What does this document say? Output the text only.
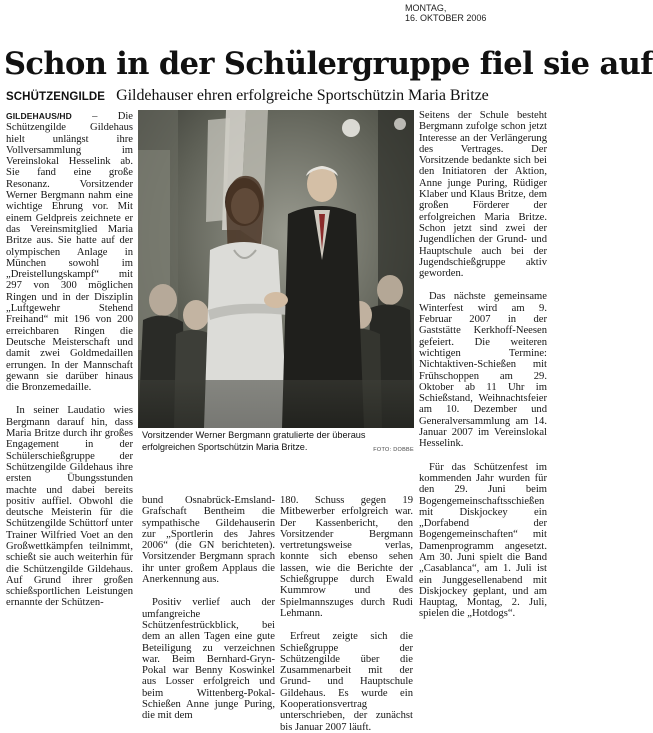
MONTAG,
16. OKTOBER 2006
Schon in der Schülergruppe fiel sie auf
SCHÜTZENGILDE Gildehauser ehren erfolgreiche Sportschützin Maria Britze

GILDEHAUS/HD – Die Schützengilde Gildehaus hielt unlängst ihre Vollversammlung im Vereinslokal Hesselink ab. Sie fand eine große Resonanz. Vorsitzender Werner Bergmann nahm eine wichtige Ehrung vor. Mit einem Geldpreis zeichnete er das Vereinsmitglied Maria Britze aus. Sie hatte auf der olympischen Anlage in München sowohl im „Dreistellungskampf“ mit 297 von 300 möglichen Ringen und in der Disziplin „Luftgewehr Stehend Freihand“ mit 196 von 200 erreichbaren Ringen die Deutsche Meisterschaft und damit zwei Goldmedaillen errungen. In der Mannschaft gewann sie darüber hinaus die Bronzemedaille.

In seiner Laudatio wies Bergmann darauf hin, dass Maria Britze durch ihr großes Engagement in der Schülerschießgruppe der Schützengilde Gildehaus ihre ersten Übungsstunden machte und dabei bereits positiv auffiel. Obwohl die deutsche Meisterin für die Schützengilde Schüttorf unter Trainer Wilfried Voet an den Großwettkämpfen teilnimmt, schießt sie auch weiterhin für die Schützengilde Gildehaus. Auf Grund ihrer großen schießsportlichen Leistungen ernannte der Schützen-

Vorsitzender Werner Bergmann gratulierte der überaus erfolgreichen Sportschützin Maria Britze.	FOTO: DOBBE

bund Osnabrück-Emsland-Grafschaft Bentheim die sympathische Gildehauserin zur „Sportlerin des Jahres 2006“ (die GN berichteten). Vorsitzender Bergmann sprach ihr unter großem Applaus die Anerkennung aus.

Positiv verlief auch der umfangreiche Schützenfestrückblick, bei dem an allen Tagen eine gute Beteiligung zu verzeichnen war. Beim Bernhard-Gryn-Pokal war Benny Koswinkel aus Losser erfolgreich und beim Wittenberg-Pokal-Schießen Anne junge Puring, die mit dem

180. Schuss gegen 19 Mitbewerber erfolgreich war. Der Kassenbericht, den Vorsitzender Bergmann vertretungsweise verlas, konnte sich ebenso sehen lassen, wie die Berichte der Schießgruppe durch Ewald Kummrow und des Spielmannszuges durch Rudi Lehmann.

Erfreut zeigte sich die Schießgruppe der Schützengilde über die Zusammenarbeit mit der Grund- und Hauptschule Gildehaus. Es wurde ein Kooperationsvertrag unterschrieben, der zunächst bis Januar 2007 läuft.

Seitens der Schule besteht Bergmann zufolge schon jetzt Interesse an der Verlängerung des Vertrages. Der Vorsitzende bedankte sich bei den Initiatoren der Aktion, Anne junge Puring, Rüdiger Klaber und Klaus Britze, dem großen Förderer der erfolgreichen Maria Britze. Schon jetzt sind zwei der Jugendlichen der Grund- und Hauptschule auch bei der Jugendschießgruppe aktiv geworden.

Das nächste gemeinsame Winterfest wird am 9. Februar 2007 in der Gaststätte Kerkhoff-Neesen gefeiert. Die weiteren wichtigen Termine: Nichtaktiven-Schießen mit Frühschoppen am 29. Oktober ab 11 Uhr im Schießstand, Weihnachtsfeier am 10. Dezember und Generalversammlung am 14. Januar 2007 im Vereinslokal Hesselink.

Für das Schützenfest im kommenden Jahr wurden für den 29. Juni beim Bogengemeinschaftsschießen mit Diskjockey ein „Dorfabend der Bogengemeinschaften“ mit Damenprogramm angesetzt. Am 30. Juni spielt die Band „Casablanca“, am 1. Juli ist ein Junggesellenabend mit Diskjockey geplant, und am Hauptag, Montag, 2. Juli, spielen die „Hotdogs“.
